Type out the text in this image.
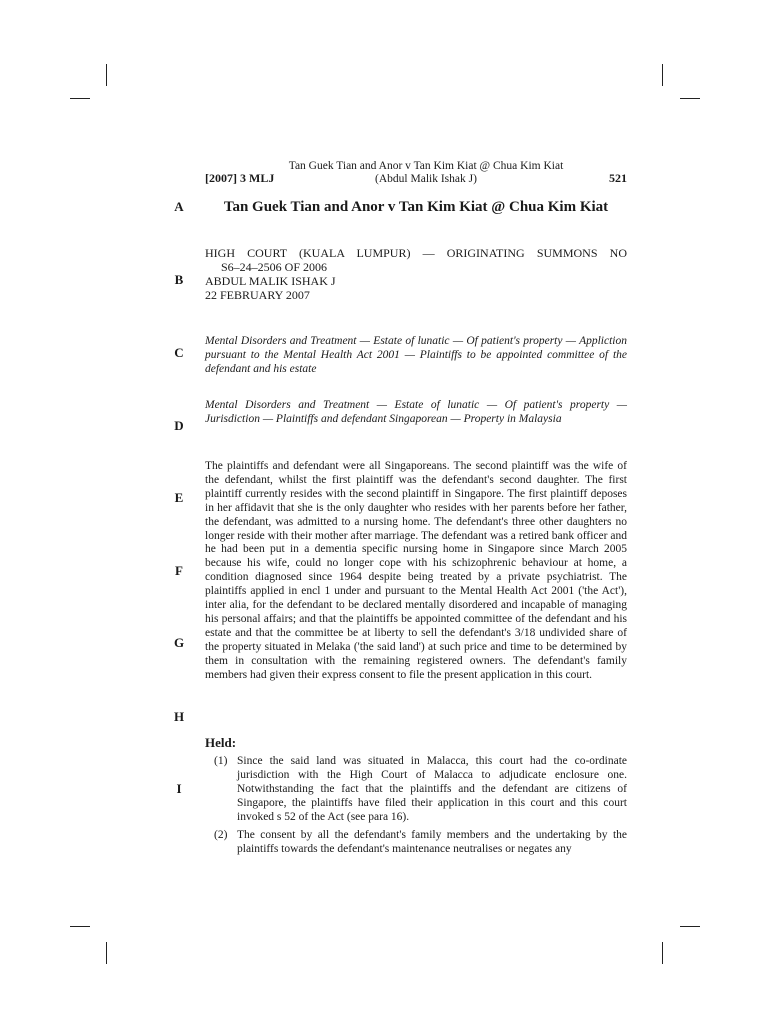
[2007] 3 MLJ
Tan Guek Tian and Anor v Tan Kim Kiat @ Chua Kim Kiat
(Abdul Malik Ishak J)	521
A
B
C
D
E
F
G
H
I
Tan Guek Tian and Anor v Tan Kim Kiat @ Chua Kim Kiat
HIGH COURT (KUALA LUMPUR) — ORIGINATING SUMMONS NO
S6–24–2506 OF 2006
ABDUL MALIK ISHAK J
22 FEBRUARY 2007
Mental Disorders and Treatment — Estate of lunatic — Of patient's property — Appliction pursuant to the Mental Health Act 2001 — Plaintiffs to be appointed committee of the defendant and his estate
Mental Disorders and Treatment — Estate of lunatic — Of patient's property — Jurisdiction — Plaintiffs and defendant Singaporean — Property in Malaysia
The plaintiffs and defendant were all Singaporeans. The second plaintiff was the wife of the defendant, whilst the first plaintiff was the defendant's second daughter. The first plaintiff currently resides with the second plaintiff in Singapore. The first plaintiff deposes in her affidavit that she is the only daughter who resides with her parents before her father, the defendant, was admitted to a nursing home. The defendant's three other daughters no longer reside with their mother after marriage. The defendant was a retired bank officer and he had been put in a dementia specific nursing home in Singapore since March 2005 because his wife, could no longer cope with his schizophrenic behaviour at home, a condition diagnosed since 1964 despite being treated by a private psychiatrist. The plaintiffs applied in encl 1 under and pursuant to the Mental Health Act 2001 ('the Act'), inter alia, for the defendant to be declared mentally disordered and incapable of managing his personal affairs; and that the plaintiffs be appointed committee of the defendant and his estate and that the committee be at liberty to sell the defendant's 3/18 undivided share of the property situated in Melaka ('the said land') at such price and time to be determined by them in consultation with the remaining registered owners. The defendant's family members had given their express consent to file the present application in this court.
Held:
(1) Since the said land was situated in Malacca, this court had the co-ordinate jurisdiction with the High Court of Malacca to adjudicate enclosure one. Notwithstanding the fact that the plaintiffs and the defendant are citizens of Singapore, the plaintiffs have filed their application in this court and this court invoked s 52 of the Act (see para 16).
(2) The consent by all the defendant's family members and the undertaking by the plaintiffs towards the defendant's maintenance neutralises or negates any
